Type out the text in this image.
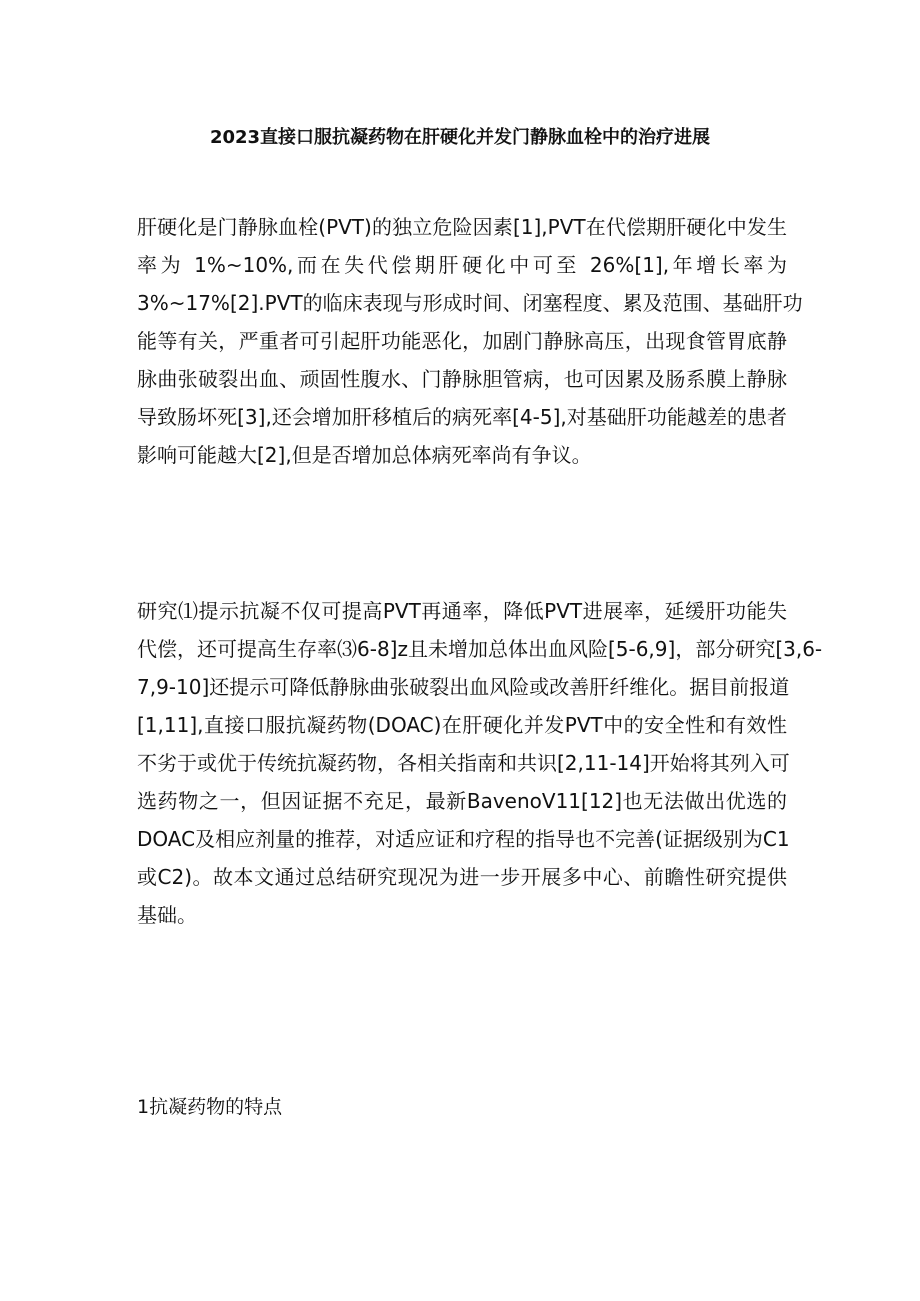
2023直接口服抗凝药物在肝硬化并发门静脉血栓中的治疗进展
肝硬化是门静脉血栓(PVT)的独立危险因素[1],PVT在代偿期肝硬化中发生
率为 1%~10%,而在失代偿期肝硬化中可至 26%[1],年增长率为
3%~17%[2].PVT的临床表现与形成时间、闭塞程度、累及范围、基础肝功
能等有关，严重者可引起肝功能恶化，加剧门静脉高压，出现食管胃底静
脉曲张破裂出血、顽固性腹水、门静脉胆管病，也可因累及肠系膜上静脉
导致肠坏死[3],还会增加肝移植后的病死率[4-5],对基础肝功能越差的患者
影响可能越大[2],但是否增加总体病死率尚有争议。
研究⑴提示抗凝不仅可提高PVT再通率，降低PVT进展率，延缓肝功能失
代偿，还可提高生存率⑶6-8]z且未增加总体出血风险[5-6,9]，部分研究[3,6-
7,9-10]还提示可降低静脉曲张破裂出血风险或改善肝纤维化。据目前报道
[1,11],直接口服抗凝药物(DOAC)在肝硬化并发PVT中的安全性和有效性
不劣于或优于传统抗凝药物，各相关指南和共识[2,11-14]开始将其列入可
选药物之一，但因证据不充足，最新BavenoV11[12]也无法做出优选的
DOAC及相应剂量的推荐，对适应证和疗程的指导也不完善(证据级别为C1
或C2)。故本文通过总结研究现况为进一步开展多中心、前瞻性研究提供
基础。
1抗凝药物的特点
